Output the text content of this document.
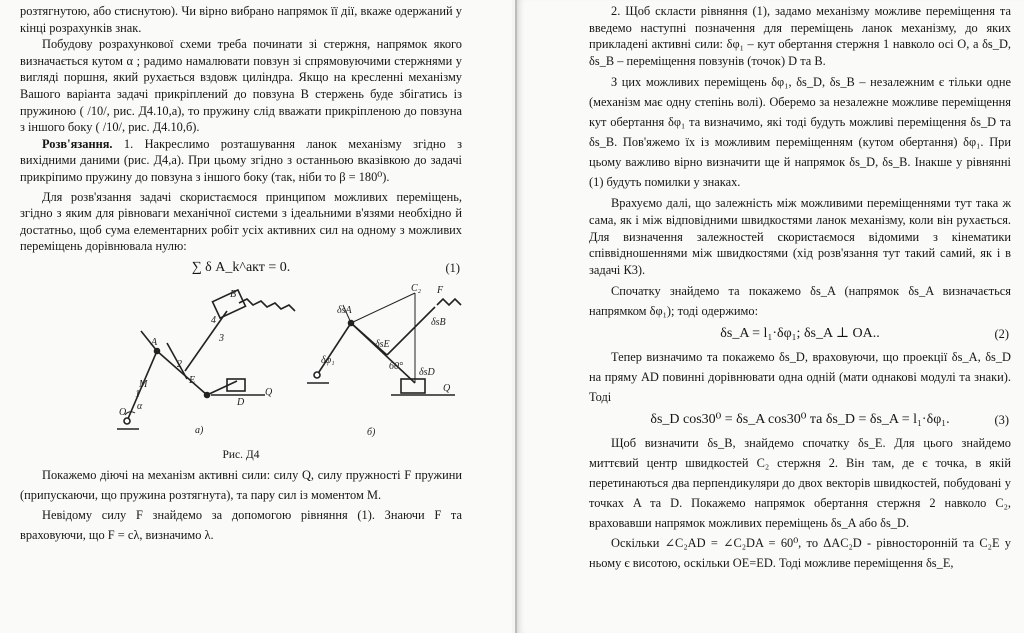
розтягнутою, або стиснутою). Чи вірно вибрано напрямок її дії, вкаже одержаний у кінці розрахунків знак.

Побудову розрахункової схеми треба починати зі стержня, напрямок якого визначається кутом α ; радимо намалювати повзун зі спрямовуючими стержнями у вигляді поршня, який рухається вздовж циліндра. Якщо на кресленні механізму Вашого варіанта задачі прикріплений до повзуна B стержень буде збігатись із пружиною ( /10/, рис. Д4.10,а), то пружину слід вважати прикріпленою до повзуна з іншого боку ( /10/, рис. Д4.10,б).

Розв'язання. 1. Накреслимо розташування ланок механізму згідно з вихідними даними (рис. Д4,а). При цьому згідно з останньою вказівкою до задачі прикріпимо пружину до повзуна з іншого боку (так, ніби то β = 180⁰).

Для розв'язання задачі скористаємося принципом можливих переміщень, згідно з яким для рівноваги механічної системи з ідеальними в'язями необхідно й достатньо, щоб сума елементарних робіт усіх активних сил на одному з можливих переміщень дорівнювала нулю:

∑ δ A_k^акт = 0.	(1)
B
A
E
D
O
M
α
a)	б)
C₂ F
Q	Q
60°
δsA
δsB
δsE
δsD
δφ₁
2
3
4
1
Рис. Д4

Покажемо діючі на механізм активні сили: силу Q, силу пружності F пружини (припускаючи, що пружина розтягнута), та пару сил із моментом M.

Невідому силу F знайдемо за допомогою рівняння (1). Знаючи F та враховуючи, що F = cλ, визначимо λ.

2. Щоб скласти рівняння (1), задамо механізму можливе переміщення та введемо наступні позначення для переміщень ланок механізму, до яких прикладені активні сили: δφ₁ – кут обертання стержня 1 навколо осі O, а δs_D, δs_B – переміщення повзунів (точок) D та B.

З цих можливих переміщень δφ₁, δs_D, δs_B – незалежним є тільки одне (механізм має одну степінь волі). Оберемо за незалежне можливе переміщення кут обертання δφ₁ та визначимо, які тоді будуть можливі переміщення δs_D та δs_B. Пов'яжемо їх із можливим переміщенням (кутом обертання) δφ₁. При цьому важливо вірно визначити ще й напрямок δs_D, δs_B. Інакше у рівнянні (1) будуть помилки у знаках.

Врахуємо далі, що залежність між можливими переміщеннями тут така ж сама, як і між відповідними швидкостями ланок механізму, коли він рухається. Для визначення залежностей скористаємося відомими з кінематики співвідношеннями між швидкостями (хід розв'язання тут такий самий, як і в задачі К3).

Спочатку знайдемо та покажемо δs_A (напрямок δs_A визначається напрямком δφ₁); тоді одержимо:

δs_A = l₁·δφ₁; δs_A ⊥ OA..	(2)

Тепер визначимо та покажемо δs_D, враховуючи, що проекції δs_A, δs_D на пряму AD повинні дорівнювати одна одній (мати однакові модулі та знаки). Тоді

δs_D cos30⁰ = δs_A cos30⁰ та δs_D = δs_A = l₁·δφ₁.	(3)

Щоб визначити δs_B, знайдемо спочатку δs_E. Для цього знайдемо миттєвий центр швидкостей C₂ стержня 2. Він там, де є точка, в якій перетинаються два перпендикуляри до двох векторів швидкостей, побудовані у точках A та D. Покажемо напрямок обертання стержня 2 навколо C₂, враховавши напрямок можливих переміщень δs_A або δs_D.

Оскільки ∠C₂AD = ∠C₂DA = 60⁰, то ΔAC₂D - рівносторонній та C₂E у ньому є висотою, оскільки OE=ED. Тоді можливе переміщення δs_E,
